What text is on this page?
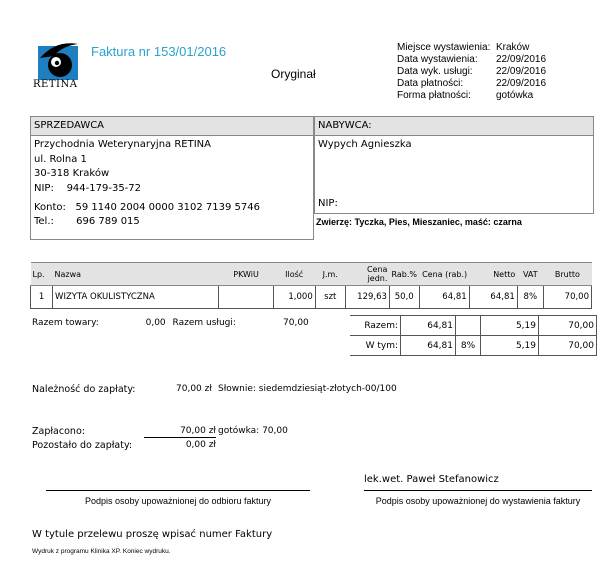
RETINA
Faktura nr 153/01/2016
Oryginał
Miejsce wystawienia: Kraków
Data wystawienia:	22/09/2016
Data wyk. usługi:	22/09/2016
Data płatności:	22/09/2016
Forma płatności:	gotówka
SPRZEDAWCA
Przychodnia Weterynaryjna RETINA
ul. Rolna 1
30-318 Kraków
NIP: 944-179-35-72
Konto: 59 1140 2004 0000 3102 7139 5746
Tel.: 696 789 015
NABYWCA:
Wypych Agnieszka
NIP:
Zwierzę: Tyczka, Pies, Mieszaniec, maść: czarna
Lp.	Nazwa	PKWiU	Ilość	J.m.	Cena jedn.	Rab.%	Cena (rab.)	Netto	VAT	Brutto
1	WIZYTA OKULISTYCZNA		1,000	szt	129,63	50,0	64,81	64,81	8%	70,00
Razem towary:	0,00 Razem usługi:	70,00	Razem:	64,81		5,19	70,00
W tym:	64,81	8%	5,19	70,00
Należność do zapłaty:	70,00 zł Słownie: siedemdziesiąt-złotych-00/100
Zapłacono:	70,00 zł gotówka: 70,00
Pozostało do zapłaty:	0,00 zł
lek.wet. Paweł Stefanowicz
Podpis osoby upoważnionej do odbioru faktury	Podpis osoby upoważnionej do wystawienia faktury
W tytule przelewu proszę wpisać numer Faktury
Wydruk z programu Klinika XP. Koniec wydruku.
